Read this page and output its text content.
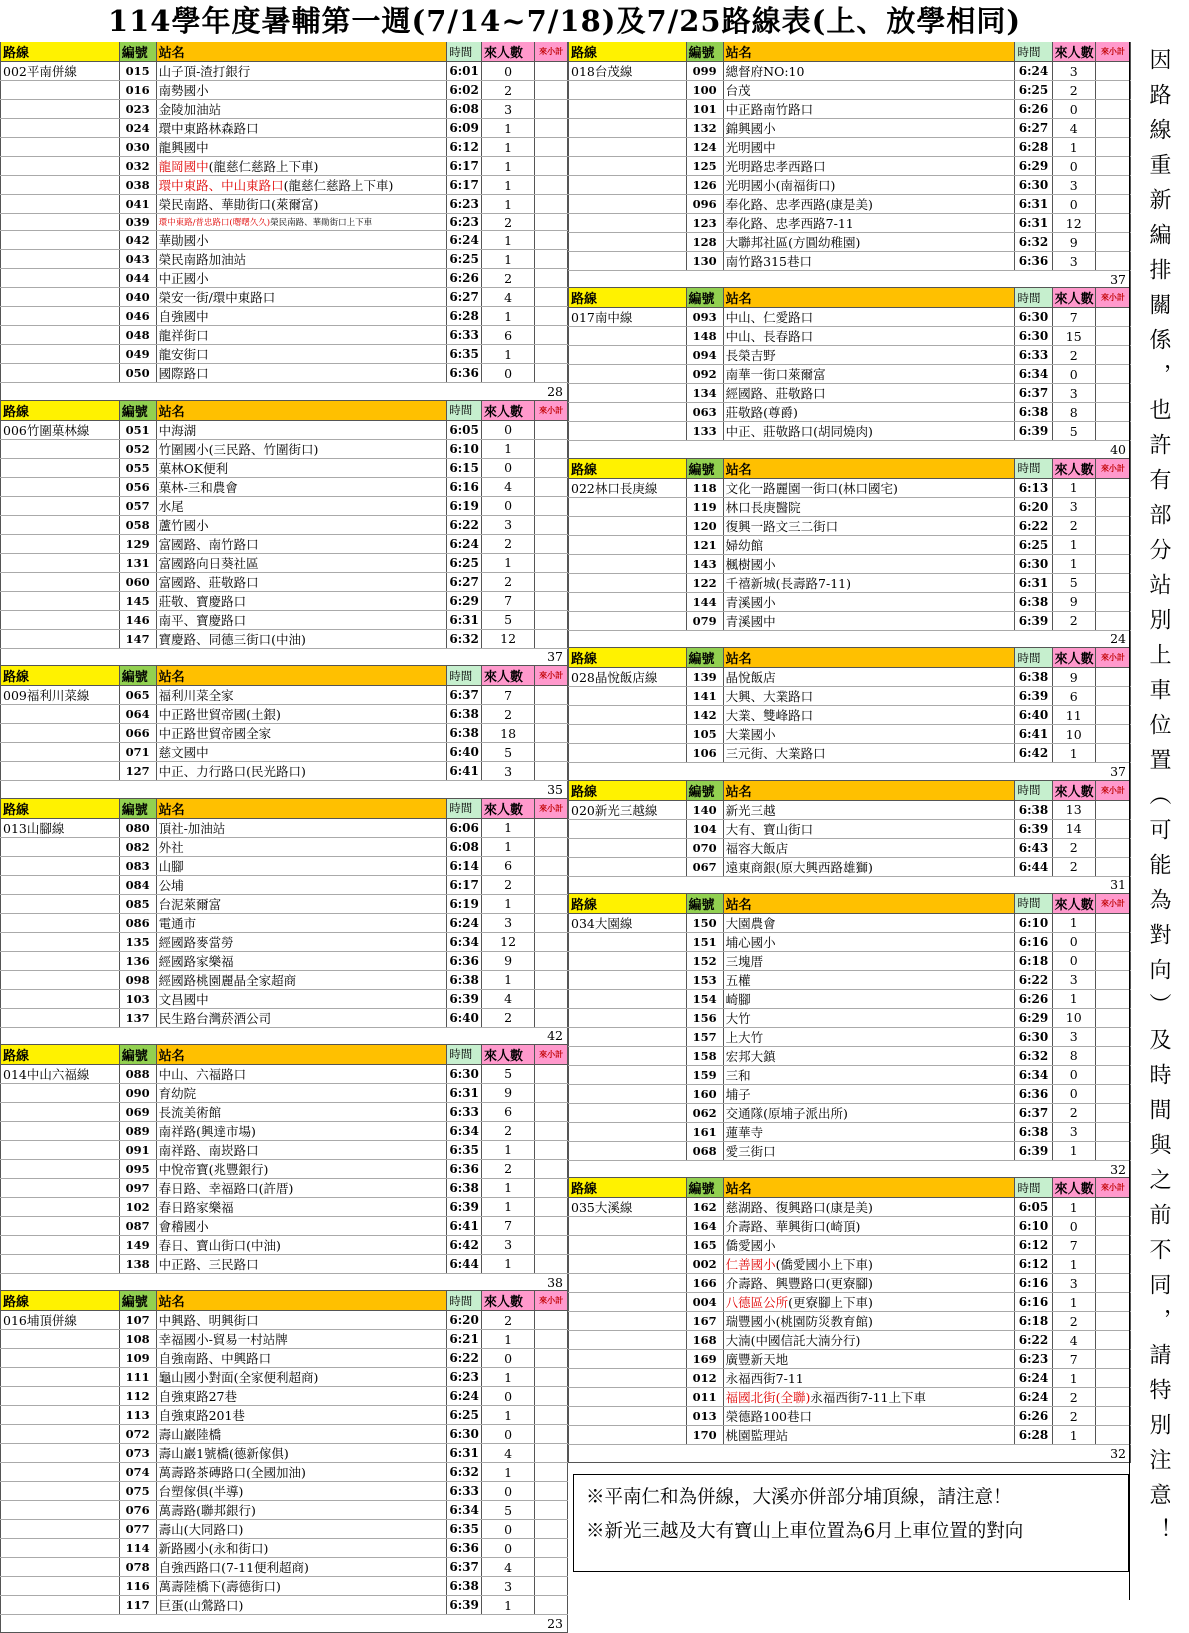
114學年度暑輔第一週(7/14~7/18)及7/25路線表(上、放學相同)
路線	編號	站名	時間	來人數	來小計
002平南併線	015	山子頂-渣打銀行	6:01	0	
	016	南勢國小	6:02	2	
	023	金陵加油站	6:08	3	
	024	環中東路林森路口	6:09	1	
	030	龍興國中	6:12	1	
	032	龍岡國中(龍慈仁慈路上下車)	6:17	1	
	038	環中東路、中山東路口(龍慈仁慈路上下車)	6:17	1	
	041	榮民南路、華勛街口(萊爾富)	6:23	1	
	039	環中東路/普忠路口(曙曙久久)榮民南路、華勛街口上下車	6:23	2	
	042	華勛國小	6:24	1	
	043	榮民南路加油站	6:25	1	
	044	中正國小	6:26	2	
	040	榮安一街/環中東路口	6:27	4	
	046	自強國中	6:28	1	
	048	龍祥街口	6:33	6	
	049	龍安街口	6:35	1	
	050	國際路口	6:36	0	
28					
路線	編號	站名	時間	來人數	來小計
006竹圍菓林線	051	中海湖	6:05	0	
	052	竹圍國小(三民路、竹圍街口)	6:10	1	
	055	菓林OK便利	6:15	0	
	056	菓林-三和農會	6:16	4	
	057	水尾	6:19	0	
	058	蘆竹國小	6:22	3	
	129	富國路、南竹路口	6:24	2	
	131	富國路向日葵社區	6:25	1	
	060	富國路、莊敬路口	6:27	2	
	145	莊敬、寶慶路口	6:29	7	
	146	南平、寶慶路口	6:31	5	
	147	寶慶路、同德三街口(中油)	6:32	12	
37					
路線	編號	站名	時間	來人數	來小計
009福利川菜線	065	福利川菜全家	6:37	7	
	064	中正路世貿帝國(土銀)	6:38	2	
	066	中正路世貿帝國全家	6:38	18	
	071	慈文國中	6:40	5	
	127	中正、力行路口(民光路口)	6:41	3	
35					
路線	編號	站名	時間	來人數	來小計
013山腳線	080	頂社-加油站	6:06	1	
	082	外社	6:08	1	
	083	山腳	6:14	6	
	084	公埔	6:17	2	
	085	台泥萊爾富	6:19	1	
	086	電通市	6:24	3	
	135	經國路麥當勞	6:34	12	
	136	經國路家樂福	6:36	9	
	098	經國路桃園麗晶全家超商	6:38	1	
	103	文昌國中	6:39	4	
	137	民生路台灣菸酒公司	6:40	2	
42					
路線	編號	站名	時間	來人數	來小計
014中山六福線	088	中山、六福路口	6:30	5	
	090	育幼院	6:31	9	
	069	長流美術館	6:33	6	
	089	南祥路(興達市場)	6:34	2	
	091	南祥路、南崁路口	6:35	1	
	095	中悅帝寶(兆豐銀行)	6:36	2	
	097	春日路、幸福路口(許厝)	6:38	1	
	102	春日路家樂福	6:39	1	
	087	會稽國小	6:41	7	
	149	春日、寶山街口(中油)	6:42	3	
	138	中正路、三民路口	6:44	1	
38					
路線	編號	站名	時間	來人數	來小計
016埔頂併線	107	中興路、明興街口	6:20	2	
	108	幸福國小-貿易一村站牌	6:21	1	
	109	自強南路、中興路口	6:22	0	
	111	龜山國小對面(全家便利超商)	6:23	1	
	112	自強東路27巷	6:24	0	
	113	自強東路201巷	6:25	1	
	072	壽山巖陸橋	6:30	0	
	073	壽山巖1號橋(德新傢俱)	6:31	4	
	074	萬壽路茶磚路口(全國加油)	6:32	1	
	075	台塑傢俱(半導)	6:33	0	
	076	萬壽路(聯邦銀行)	6:34	5	
	077	壽山(大同路口)	6:35	0	
	114	新路國小(永和街口)	6:36	0	
	078	自強西路口(7-11便利超商)	6:37	4	
	116	萬壽陸橋下(壽德街口)	6:38	3	
	117	巨蛋(山鶯路口)	6:39	1	
23					
路線	編號	站名	時間	來人數	來小計
018台茂線	099	總督府NO:10	6:24	3	
	100	台茂	6:25	2	
	101	中正路南竹路口	6:26	0	
	132	錦興國小	6:27	4	
	124	光明國中	6:28	1	
	125	光明路忠孝西路口	6:29	0	
	126	光明國小(南福街口)	6:30	3	
	096	奉化路、忠孝西路(康是美)	6:31	0	
	123	奉化路、忠孝西路7-11	6:31	12	
	128	大聯邦社區(方圓幼稚園)	6:32	9	
	130	南竹路315巷口	6:36	3	
37					
路線	編號	站名	時間	來人數	來小計
017南中線	093	中山、仁愛路口	6:30	7	
	148	中山、長春路口	6:30	15	
	094	長榮吉野	6:33	2	
	092	南華一街口萊爾富	6:34	0	
	134	經國路、莊敬路口	6:37	3	
	063	莊敬路(尊爵)	6:38	8	
	133	中正、莊敬路口(胡同燒肉)	6:39	5	
40					
路線	編號	站名	時間	來人數	來小計
022林口長庚線	118	文化一路麗園一街口(林口國宅)	6:13	1	
	119	林口長庚醫院	6:20	3	
	120	復興一路文三二街口	6:22	2	
	121	婦幼館	6:25	1	
	143	楓樹國小	6:30	1	
	122	千禧新城(長壽路7-11)	6:31	5	
	144	青溪國小	6:38	9	
	079	青溪國中	6:39	2	
24					
路線	編號	站名	時間	來人數	來小計
028晶悅飯店線	139	晶悅飯店	6:38	9	
	141	大興、大業路口	6:39	6	
	142	大業、雙峰路口	6:40	11	
	105	大業國小	6:41	10	
	106	三元街、大業路口	6:42	1	
37					
路線	編號	站名	時間	來人數	來小計
020新光三越線	140	新光三越	6:38	13	
	104	大有、寶山街口	6:39	14	
	070	福容大飯店	6:43	2	
	067	遠東商銀(原大興西路雄獅)	6:44	2	
31					
路線	編號	站名	時間	來人數	來小計
034大園線	150	大園農會	6:10	1	
	151	埔心國小	6:16	0	
	152	三塊厝	6:18	0	
	153	五權	6:22	3	
	154	崎腳	6:26	1	
	156	大竹	6:29	10	
	157	上大竹	6:30	3	
	158	宏邦大鎮	6:32	8	
	159	三和	6:34	0	
	160	埔子	6:36	0	
	062	交通隊(原埔子派出所)	6:37	2	
	161	蓮華寺	6:38	3	
	068	愛三街口	6:39	1	
32					
路線	編號	站名	時間	來人數	來小計
035大溪線	162	慈湖路、復興路口(康是美)	6:05	1	
	164	介壽路、華興街口(崎頂)	6:10	0	
	165	僑愛國小	6:12	7	
	002	仁善國小(僑愛國小上下車)	6:12	1	
	166	介壽路、興豐路口(更寮腳)	6:16	3	
	004	八德區公所(更寮腳上下車)	6:16	1	
	167	瑞豐國小(桃園防災教育館)	6:18	2	
	168	大湳(中國信託大湳分行)	6:22	4	
	169	廣豐新天地	6:23	7	
	012	永福西街7-11	6:24	1	
	011	福國北街(全聯)永福西街7-11上下車	6:24	2	
	013	榮德路100巷口	6:26	2	
	170	桃園監理站	6:28	1	
32					因路線重新編排關係，也許有部分站別上車位置（可能為對向）及時間與之前不同，請特別注意！
※平南仁和為併線，大溪亦併部分埔頂線，請注意！
※新光三越及大有寶山上車位置為6月上車位置的對向
